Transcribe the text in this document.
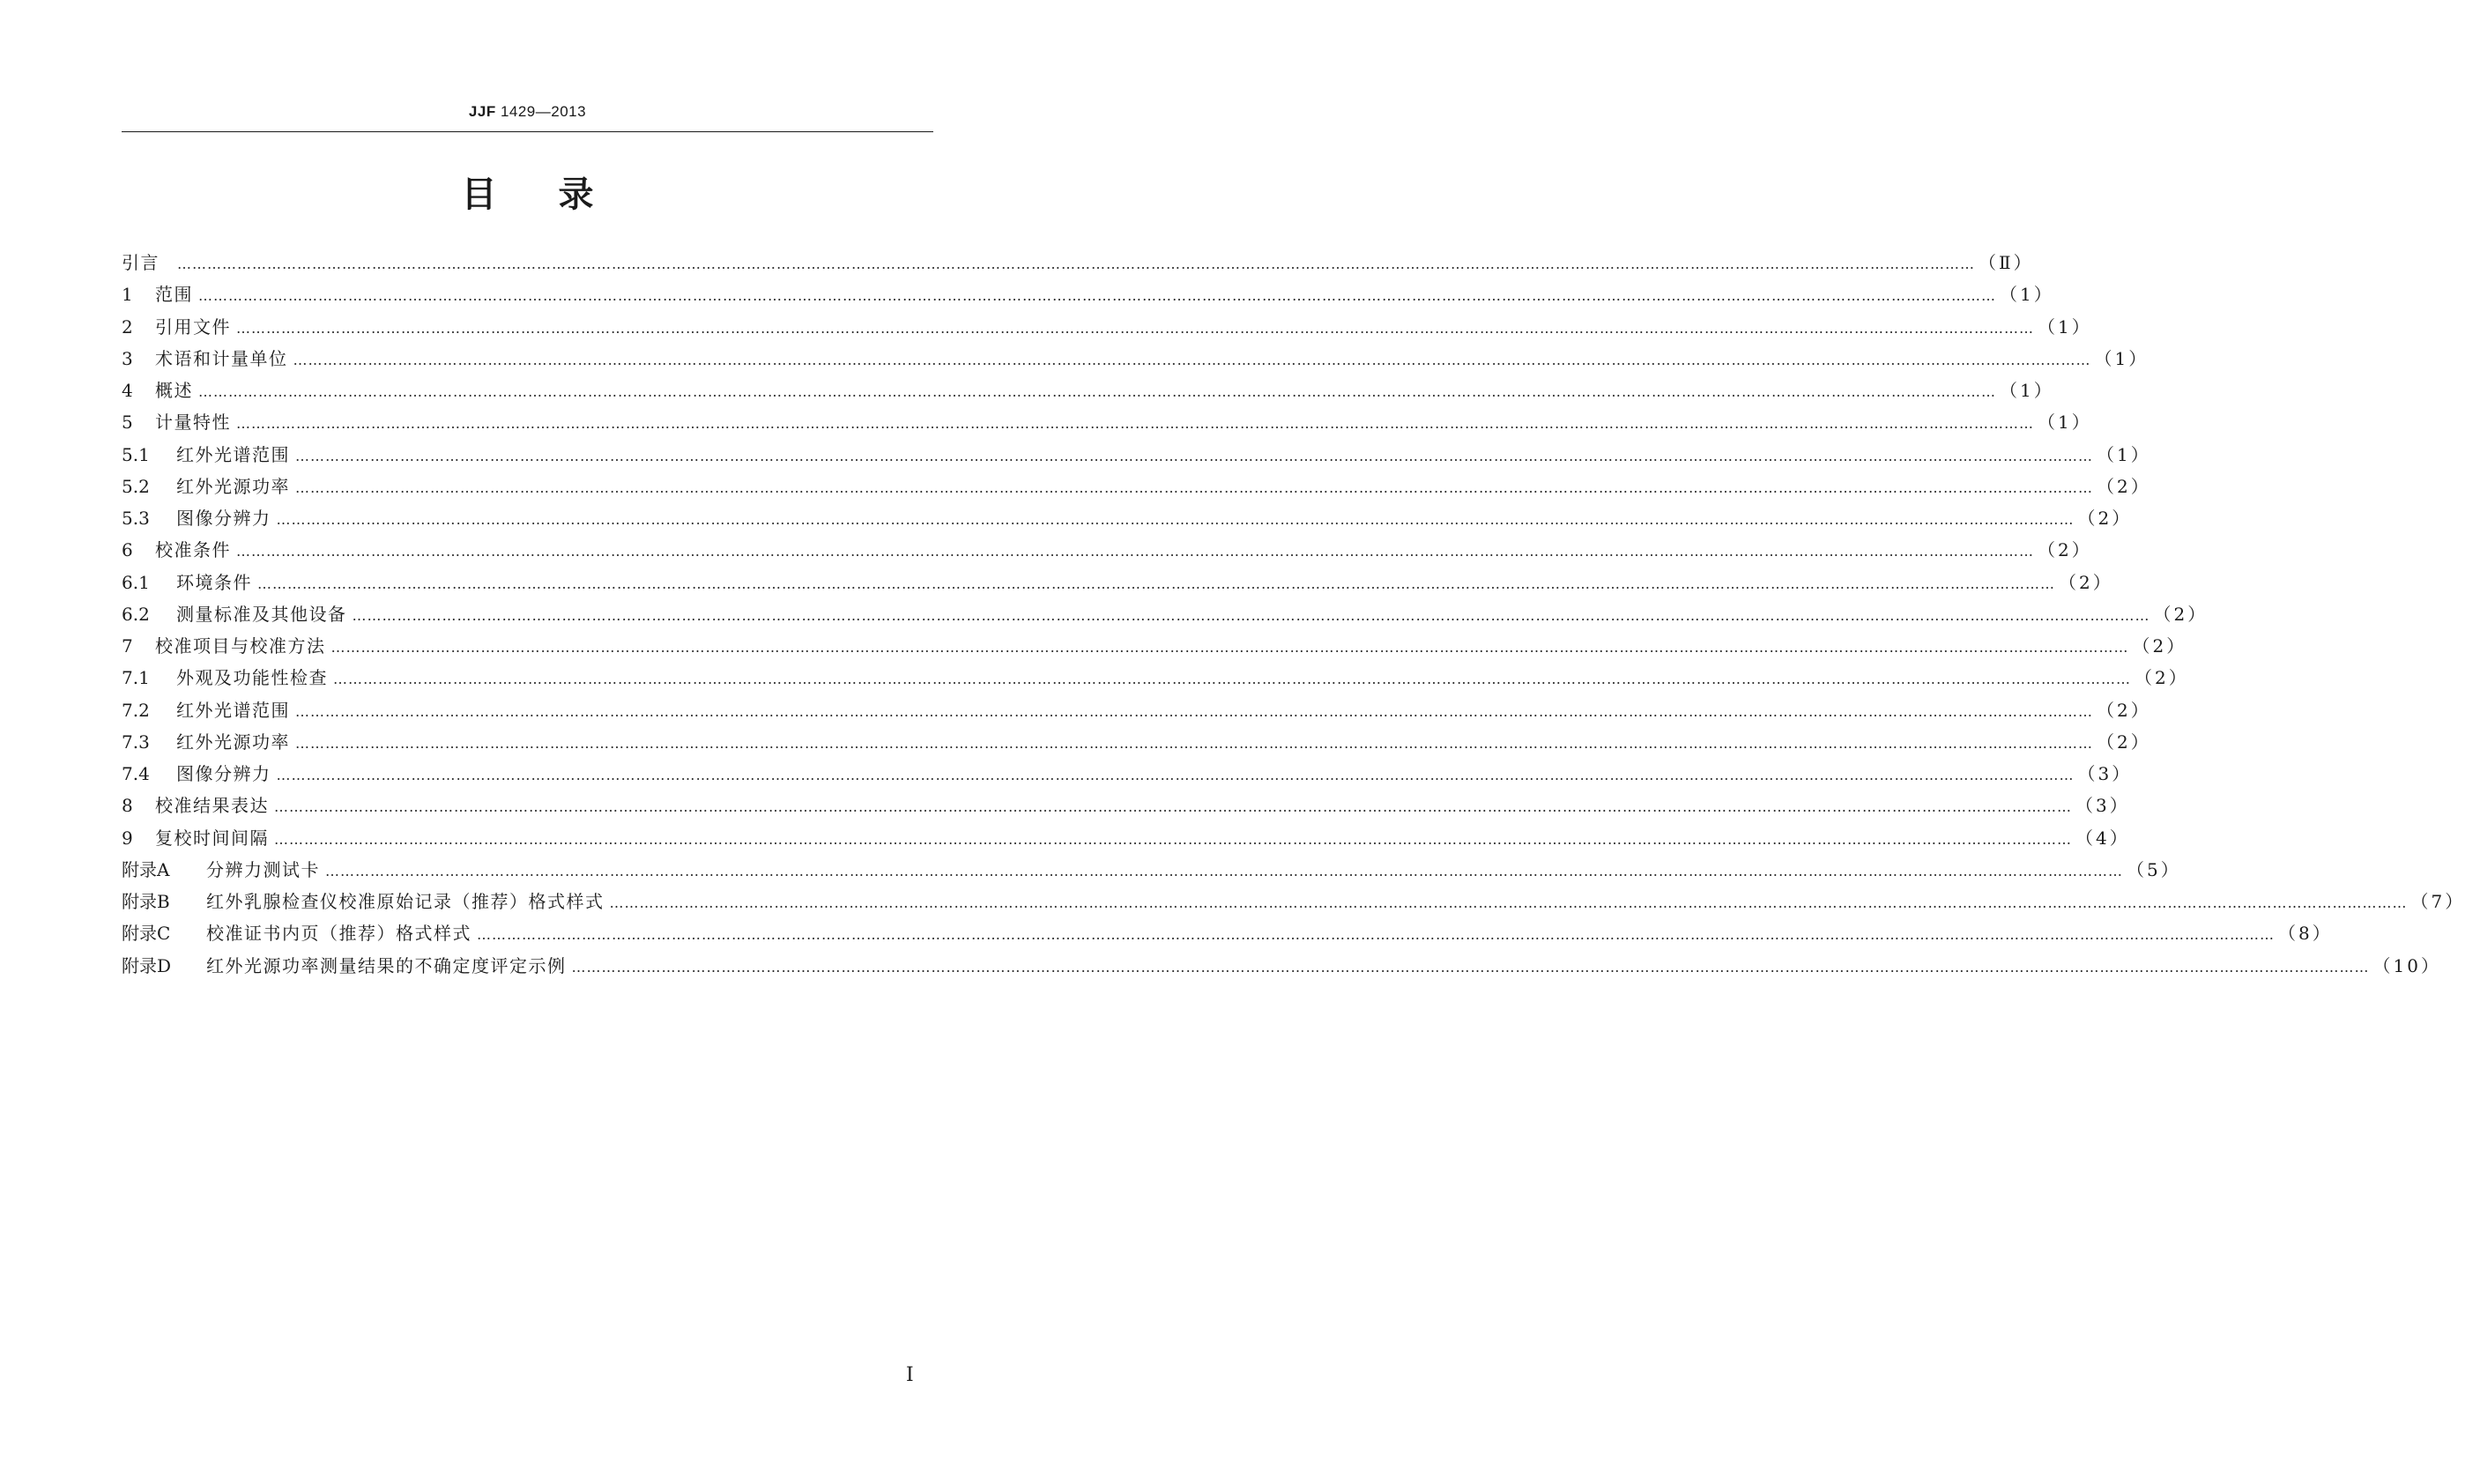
JJF 1429—2013
目录
引言 ……………………………………………………………………………………………………………………………………………………………………………………………………………………………………………………………………………………………………………………………… （Ⅱ）
1	范围 ……………………………………………………………………………………………………………………………………………………………………………………………………………………………………………………………………………………………………………………………… （1）
2	引用文件 ……………………………………………………………………………………………………………………………………………………………………………………………………………………………………………………………………………………………………………………………… （1）
3	术语和计量单位 ……………………………………………………………………………………………………………………………………………………………………………………………………………………………………………………………………………………………………………………………… （1）
4	概述 ……………………………………………………………………………………………………………………………………………………………………………………………………………………………………………………………………………………………………………………………… （1）
5	计量特性 ……………………………………………………………………………………………………………………………………………………………………………………………………………………………………………………………………………………………………………………………… （1）
5.1	红外光谱范围 ……………………………………………………………………………………………………………………………………………………………………………………………………………………………………………………………………………………………………………………………… （1）
5.2	红外光源功率 ……………………………………………………………………………………………………………………………………………………………………………………………………………………………………………………………………………………………………………………………… （2）
5.3	图像分辨力 ……………………………………………………………………………………………………………………………………………………………………………………………………………………………………………………………………………………………………………………………… （2）
6	校准条件 ……………………………………………………………………………………………………………………………………………………………………………………………………………………………………………………………………………………………………………………………… （2）
6.1	环境条件 ……………………………………………………………………………………………………………………………………………………………………………………………………………………………………………………………………………………………………………………………… （2）
6.2	测量标准及其他设备 ……………………………………………………………………………………………………………………………………………………………………………………………………………………………………………………………………………………………………………………………… （2）
7	校准项目与校准方法 ……………………………………………………………………………………………………………………………………………………………………………………………………………………………………………………………………………………………………………………………… （2）
7.1	外观及功能性检查 ……………………………………………………………………………………………………………………………………………………………………………………………………………………………………………………………………………………………………………………………… （2）
7.2	红外光谱范围 ……………………………………………………………………………………………………………………………………………………………………………………………………………………………………………………………………………………………………………………………… （2）
7.3	红外光源功率 ……………………………………………………………………………………………………………………………………………………………………………………………………………………………………………………………………………………………………………………………… （2）
7.4	图像分辨力 ……………………………………………………………………………………………………………………………………………………………………………………………………………………………………………………………………………………………………………………………… （3）
8	校准结果表达 ……………………………………………………………………………………………………………………………………………………………………………………………………………………………………………………………………………………………………………………………… （3）
9	复校时间间隔 ……………………………………………………………………………………………………………………………………………………………………………………………………………………………………………………………………………………………………………………………… （4）
附录A	分辨力测试卡 ……………………………………………………………………………………………………………………………………………………………………………………………………………………………………………………………………………………………………………………………… （5）
附录B	红外乳腺检查仪校准原始记录（推荐）格式样式 ……………………………………………………………………………………………………………………………………………………………………………………………………………………………………………………………………………………………………………………………… （7）
附录C	校准证书内页（推荐）格式样式 ……………………………………………………………………………………………………………………………………………………………………………………………………………………………………………………………………………………………………………………………… （8）
附录D	红外光源功率测量结果的不确定度评定示例 ……………………………………………………………………………………………………………………………………………………………………………………………………………………………………………………………………………………………………………………………… （10）
Ⅰ
